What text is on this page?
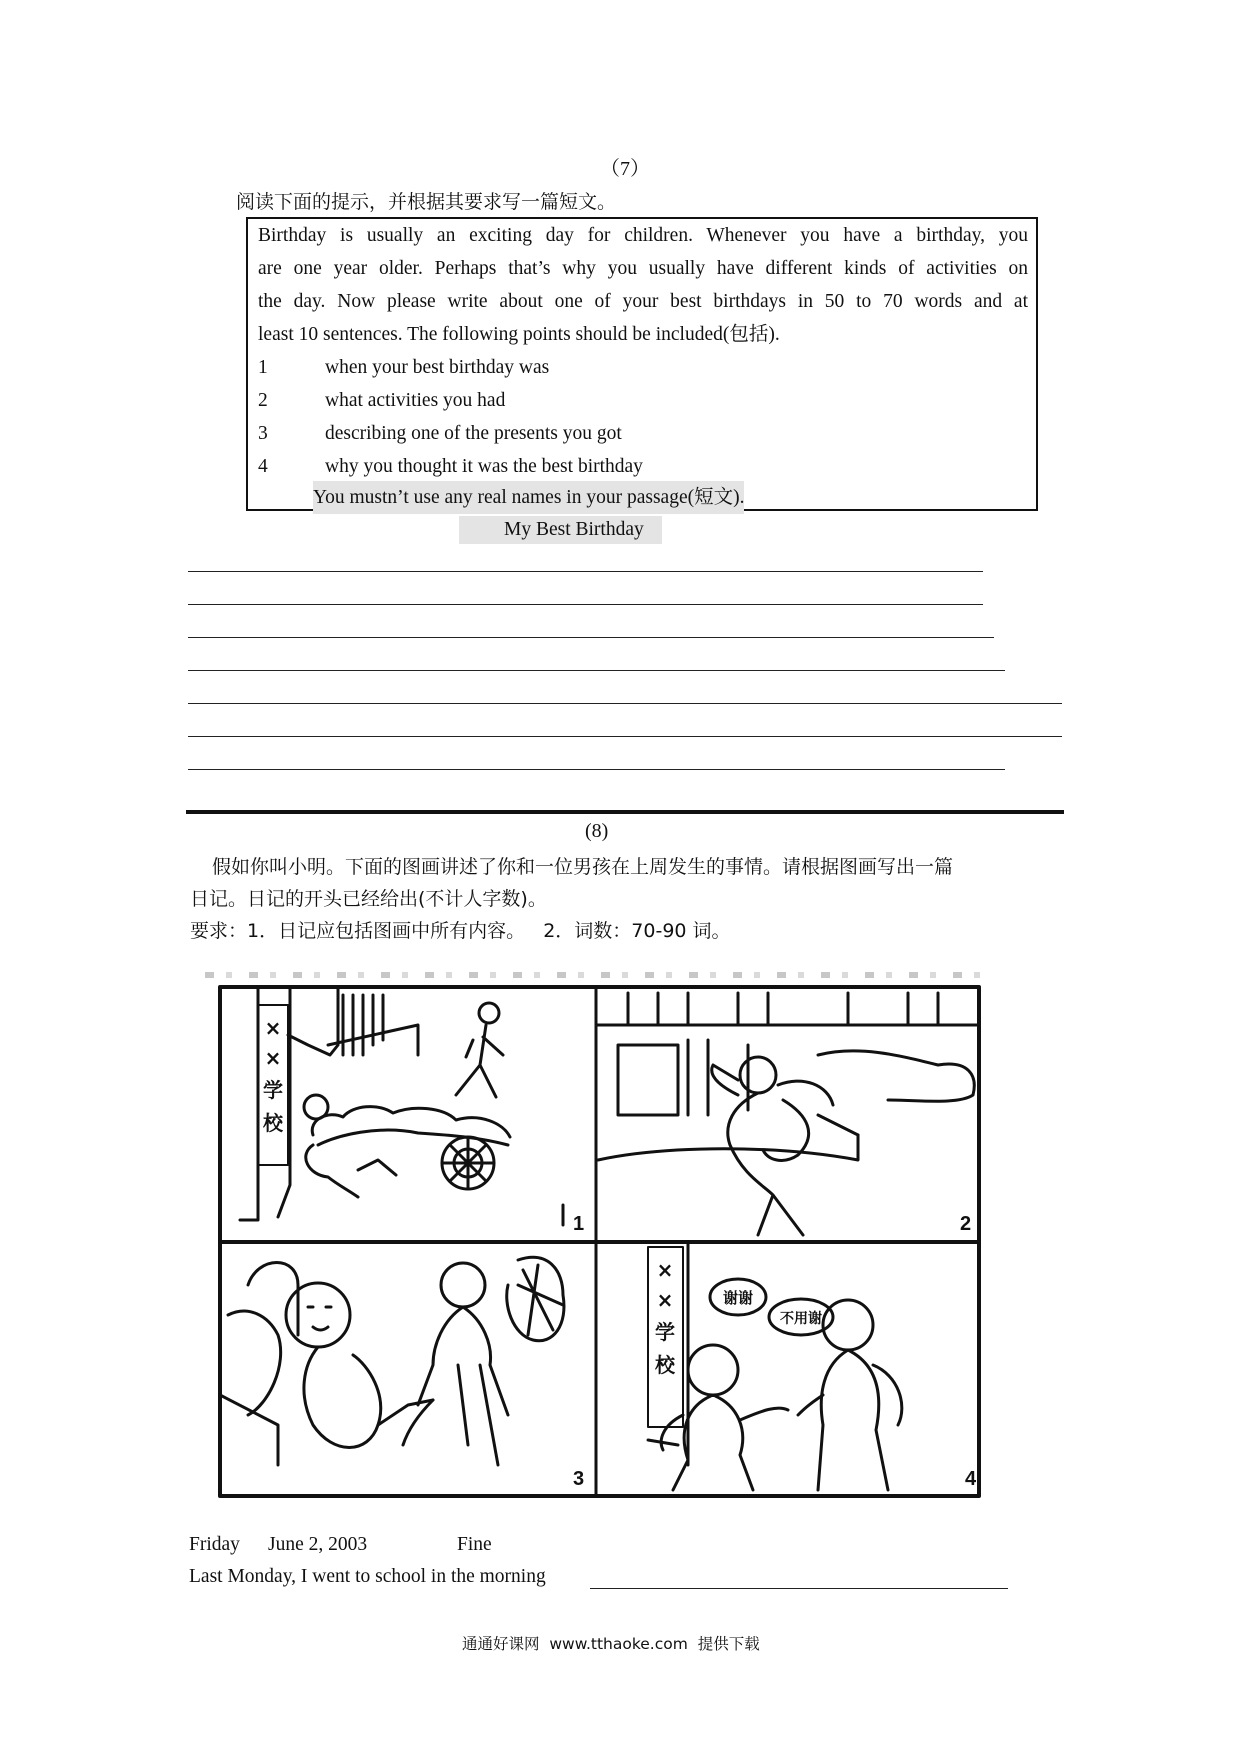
（7）
阅读下面的提示，并根据其要求写一篇短文。
Birthday is usually an exciting day for children. Whenever you have a birthday, you
are one year older. Perhaps that’s why you usually have different kinds of activities on
the day. Now please write about one of your best birthdays in 50 to 70 words and at
least 10 sentences. The following points should be included(包括).
1	when your best birthday was
2	what activities you had
3	describing one of the presents you got
4	why you thought it was the best birthday
You mustn’t use any real names in your passage(短文).
My Best Birthday
(8)
假如你叫小明。下面的图画讲述了你和一位男孩在上周发生的事情。请根据图画写出一篇
日记。日记的开头已经给出(不计人字数)。
要求：1．日记应包括图画中所有内容。   2．词数：70-90 词。
×
×
学
校
×
×
学
校
谢谢
不用谢
1	2
3	4
Friday June 2, 2003	Fine
Last Monday, I went to school in the morning
通通好课网  www.tthaoke.com  提供下载
